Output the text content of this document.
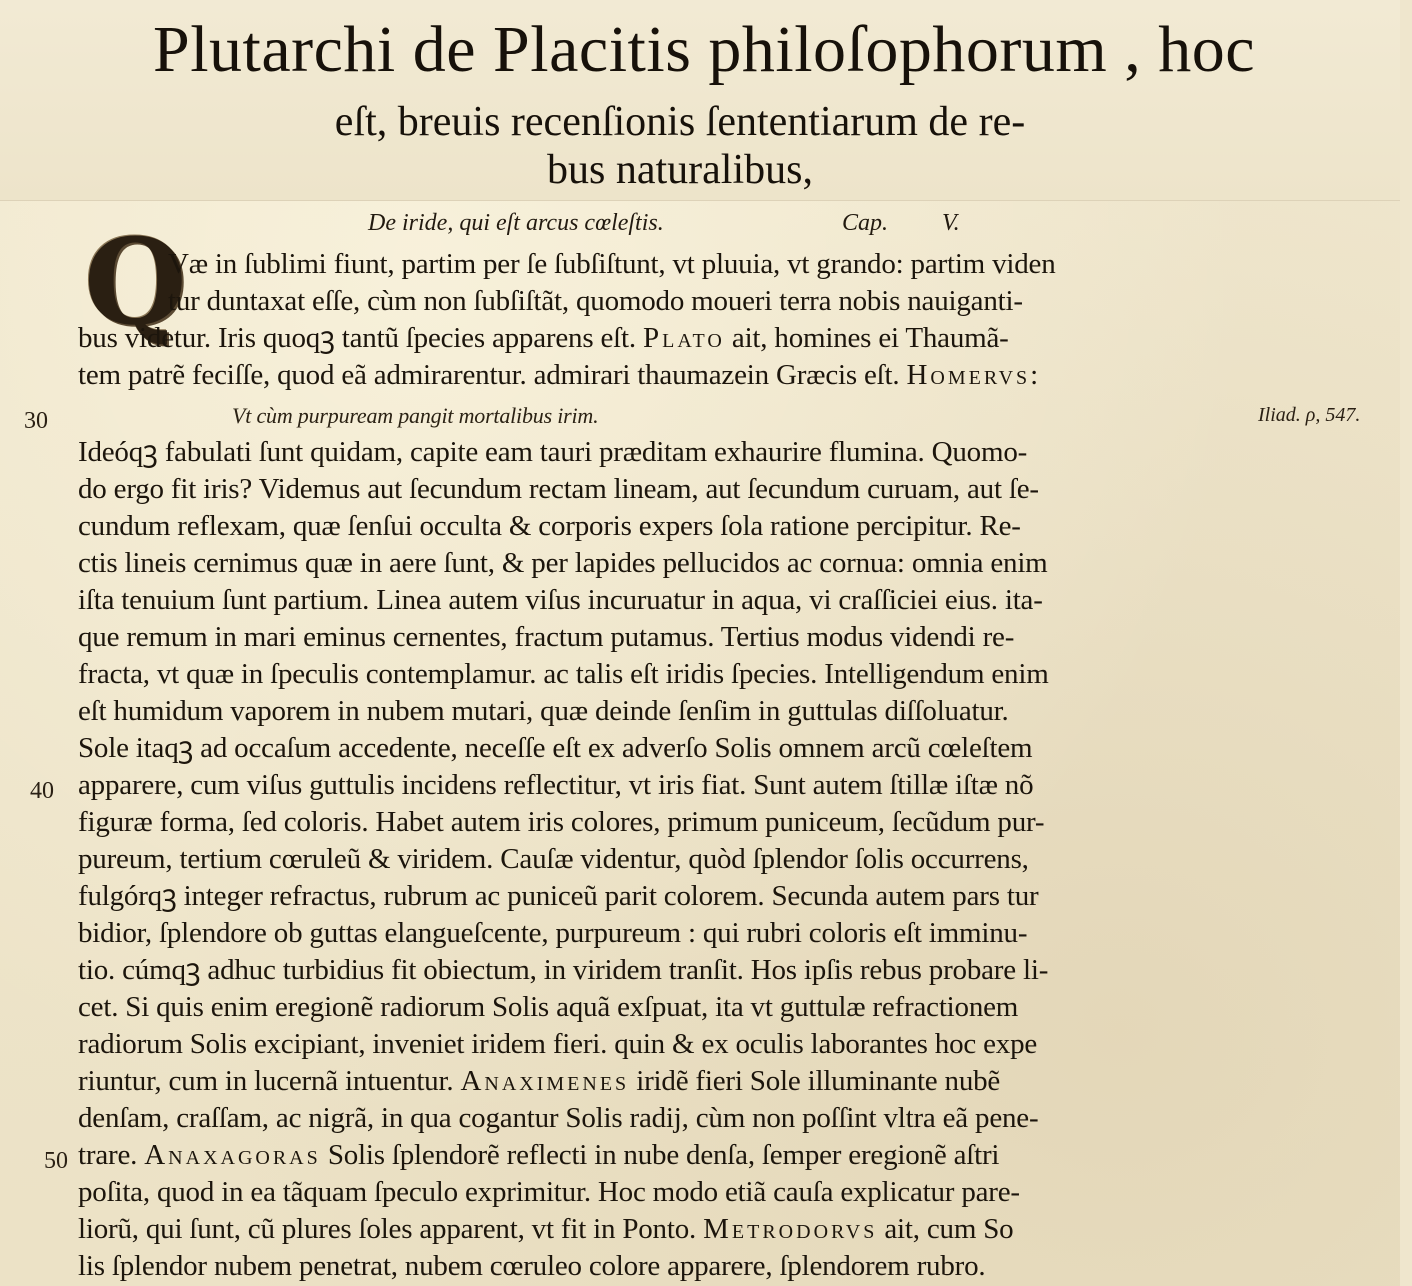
Plutarchi de Placitis philoſophorum , hoc
eſt, breuis recenſionis ſententiarum de re-
bus naturalibus,
De iride, qui eſt arcus cœleſtis.	Cap. V.
Q
Væ in ſublimi fiunt, partim per ſe ſubſiſtunt, vt pluuia, vt grando: partim viden
tur duntaxat eſſe, cùm non ſubſiſtãt, quomodo moueri terra nobis nauiganti-
bus videtur. Iris quoqꝫ tantũ ſpecies apparens eſt. Plato ait, homines ei Thaumã-
tem patrẽ feciſſe, quod eã admirarentur. admirari thaumazein Græcis eſt. Homervs:
Vt cùm purpuream pangit mortalibus irim.
Ideóqꝫ fabulati ſunt quidam, capite eam tauri præditam exhaurire flumina. Quomo-
do ergo fit iris? Videmus aut ſecundum rectam lineam, aut ſecundum curuam, aut ſe-
cundum reflexam, quæ ſenſui occulta & corporis expers ſola ratione percipitur. Re-
ctis lineis cernimus quæ in aere ſunt, & per lapides pellucidos ac cornua: omnia enim
iſta tenuium ſunt partium. Linea autem viſus incuruatur in aqua, vi craſſiciei eius. ita-
que remum in mari eminus cernentes, fractum putamus. Tertius modus videndi re-
fracta, vt quæ in ſpeculis contemplamur. ac talis eſt iridis ſpecies. Intelligendum enim
eſt humidum vaporem in nubem mutari, quæ deinde ſenſim in guttulas diſſoluatur.
Sole itaqꝫ ad occaſum accedente, neceſſe eſt ex adverſo Solis omnem arcũ cœleſtem
apparere, cum viſus guttulis incidens reflectitur, vt iris fiat. Sunt autem ſtillæ iſtæ nõ
figuræ forma, ſed coloris. Habet autem iris colores, primum puniceum, ſecũdum pur-
pureum, tertium cœruleũ & viridem. Cauſæ videntur, quòd ſplendor ſolis occurrens,
fulgórqꝫ integer refractus, rubrum ac puniceũ parit colorem. Secunda autem pars tur
bidior, ſplendore ob guttas elangueſcente, purpureum : qui rubri coloris eſt imminu-
tio. cúmqꝫ adhuc turbidius fit obiectum, in viridem tranſit. Hos ipſis rebus probare li-
cet. Si quis enim eregionẽ radiorum Solis aquã exſpuat, ita vt guttulæ refractionem
radiorum Solis excipiant, inveniet iridem fieri. quin & ex oculis laborantes hoc expe
riuntur, cum in lucernã intuentur. Anaximenes iridẽ fieri Sole illuminante nubẽ
denſam, craſſam, ac nigrã, in qua cogantur Solis radij, cùm non poſſint vltra eã pene-
trare. Anaxagoras Solis ſplendorẽ reflecti in nube denſa, ſemper eregionẽ aſtri
poſita, quod in ea tãquam ſpeculo exprimitur. Hoc modo etiã cauſa explicatur pare-
liorũ, qui ſunt, cũ plures ſoles apparent, vt fit in Ponto. Metrodorvs ait, cum So
lis ſplendor nubem penetrat, nubem cœruleo colore apparere, ſplendorem rubro.
30
40
50
Iliad. ρ, 547.
